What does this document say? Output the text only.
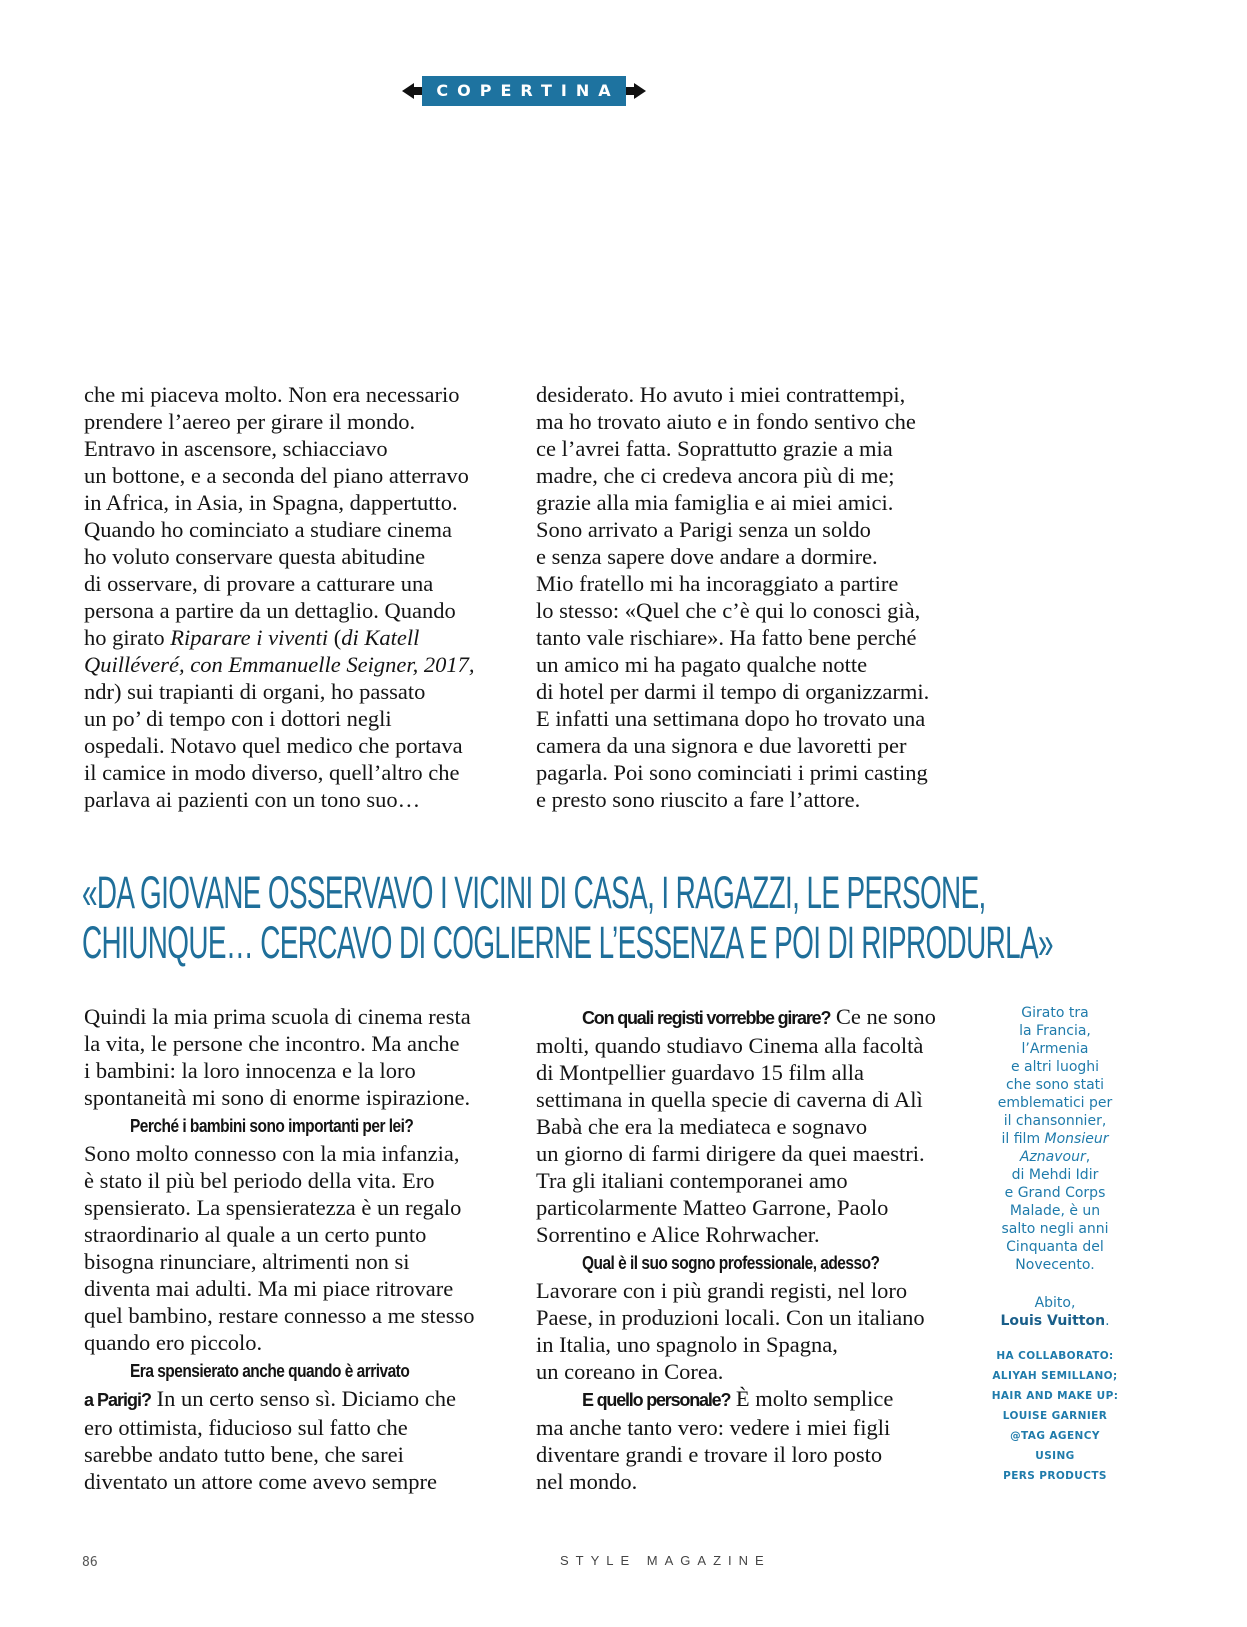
COPERTINA
che mi piaceva molto. Non era necessario
prendere l’aereo per girare il mondo.
Entravo in ascensore, schiacciavo
un bottone, e a seconda del piano atterravo
in Africa, in Asia, in Spagna, dappertutto.
Quando ho cominciato a studiare cinema
ho voluto conservare questa abitudine
di osservare, di provare a catturare una
persona a partire da un dettaglio. Quando
ho girato Riparare i viventi (di Katell
Quilléveré, con Emmanuelle Seigner, 2017,
ndr) sui trapianti di organi, ho passato
un po’ di tempo con i dottori negli
ospedali. Notavo quel medico che portava
il camice in modo diverso, quell’altro che
parlava ai pazienti con un tono suo…
desiderato. Ho avuto i miei contrattempi,
ma ho trovato aiuto e in fondo sentivo che
ce l’avrei fatta. Soprattutto grazie a mia
madre, che ci credeva ancora più di me;
grazie alla mia famiglia e ai miei amici.
Sono arrivato a Parigi senza un soldo
e senza sapere dove andare a dormire.
Mio fratello mi ha incoraggiato a partire
lo stesso: «Quel che c’è qui lo conosci già,
tanto vale rischiare». Ha fatto bene perché
un amico mi ha pagato qualche notte
di hotel per darmi il tempo di organizzarmi.
E infatti una settimana dopo ho trovato una
camera da una signora e due lavoretti per
pagarla. Poi sono cominciati i primi casting
e presto sono riuscito a fare l’attore.
«DA GIOVANE OSSERVAVO I VICINI DI CASA, I RAGAZZI, LE PERSONE,
CHIUNQUE… CERCAVO DI COGLIERNE L’ESSENZA E POI DI RIPRODURLA»
Quindi la mia prima scuola di cinema resta
la vita, le persone che incontro. Ma anche
i bambini: la loro innocenza e la loro
spontaneità mi sono di enorme ispirazione.
Perché i bambini sono importanti per lei?
Sono molto connesso con la mia infanzia,
è stato il più bel periodo della vita. Ero
spensierato. La spensieratezza è un regalo
straordinario al quale a un certo punto
bisogna rinunciare, altrimenti non si
diventa mai adulti. Ma mi piace ritrovare
quel bambino, restare connesso a me stesso
quando ero piccolo.
Era spensierato anche quando è arrivato
a Parigi? In un certo senso sì. Diciamo che
ero ottimista, fiducioso sul fatto che
sarebbe andato tutto bene, che sarei
diventato un attore come avevo sempre
Con quali registi vorrebbe girare? Ce ne sono
molti, quando studiavo Cinema alla facoltà
di Montpellier guardavo 15 film alla
settimana in quella specie di caverna di Alì
Babà che era la mediateca e sognavo
un giorno di farmi dirigere da quei maestri.
Tra gli italiani contemporanei amo
particolarmente Matteo Garrone, Paolo
Sorrentino e Alice Rohrwacher.
Qual è il suo sogno professionale, adesso?
Lavorare con i più grandi registi, nel loro
Paese, in produzioni locali. Con un italiano
in Italia, uno spagnolo in Spagna,
un coreano in Corea.
E quello personale? È molto semplice
ma anche tanto vero: vedere i miei figli
diventare grandi e trovare il loro posto
nel mondo.
Girato tra
la Francia,
l’Armenia
e altri luoghi
che sono stati
emblematici per
il chansonnier,
il film Monsieur
Aznavour,
di Mehdi Idir
e Grand Corps
Malade, è un
salto negli anni
Cinquanta del
Novecento.
Abito,
Louis Vuitton.
HA COLLABORATO:
ALIYAH SEMILLANO;
HAIR AND MAKE UP:
LOUISE GARNIER
@TAG AGENCY
USING
PERS PRODUCTS
86	STYLE MAGAZINE
